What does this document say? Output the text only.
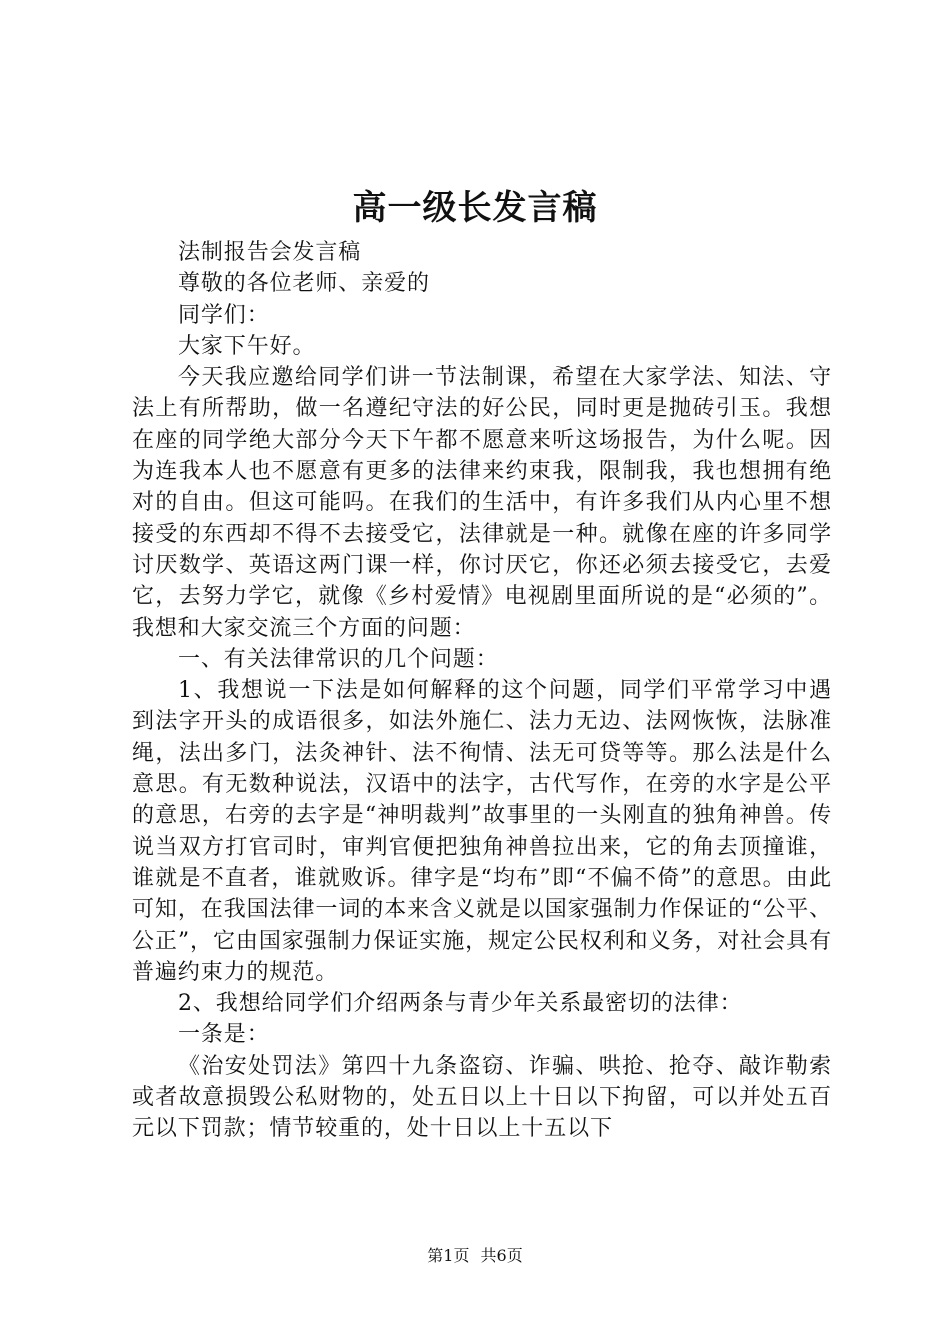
高一级长发言稿

法制报告会发言稿

尊敬的各位老师、亲爱的

同学们：

大家下午好。

今天我应邀给同学们讲一节法制课，希望在大家学法、知法、守法上有所帮助，做一名遵纪守法的好公民，同时更是抛砖引玉。我想在座的同学绝大部分今天下午都不愿意来听这场报告，为什么呢。因为连我本人也不愿意有更多的法律来约束我，限制我，我也想拥有绝对的自由。但这可能吗。在我们的生活中，有许多我们从内心里不想接受的东西却不得不去接受它，法律就是一种。就像在座的许多同学讨厌数学、英语这两门课一样，你讨厌它，你还必须去接受它，去爱它，去努力学它，就像《乡村爱情》电视剧里面所说的是“必须的”。我想和大家交流三个方面的问题：

一、有关法律常识的几个问题：

1、我想说一下法是如何解释的这个问题，同学们平常学习中遇到法字开头的成语很多，如法外施仁、法力无边、法网恢恢，法脉准绳，法出多门，法灸神针、法不徇情、法无可贷等等。那么法是什么意思。有无数种说法，汉语中的法字，古代写作，在旁的水字是公平的意思，右旁的去字是“神明裁判”故事里的一头刚直的独角神兽。传说当双方打官司时，审判官便把独角神兽拉出来，它的角去顶撞谁，谁就是不直者，谁就败诉。律字是“均布”即“不偏不倚”的意思。由此可知，在我国法律一词的本来含义就是以国家强制力作保证的“公平、公正”，它由国家强制力保证实施，规定公民权利和义务，对社会具有普遍约束力的规范。

2、我想给同学们介绍两条与青少年关系最密切的法律：

一条是：

《治安处罚法》第四十九条盗窃、诈骗、哄抢、抢夺、敲诈勒索或者故意损毁公私财物的，处五日以上十日以下拘留，可以并处五百元以下罚款；情节较重的，处十日以上十五以下

第1页 共6页
